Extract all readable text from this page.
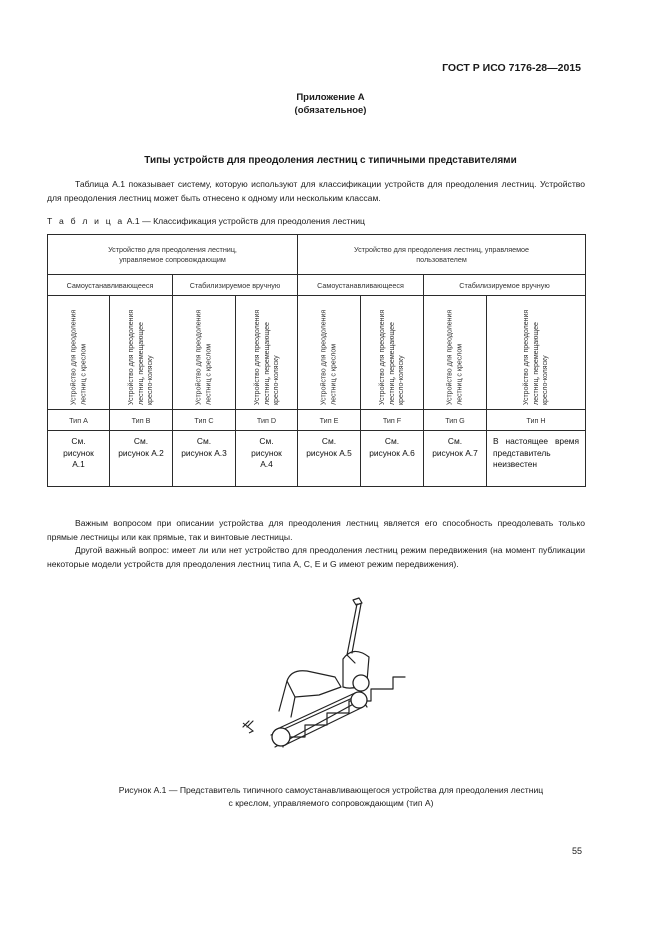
ГОСТ Р ИСО 7176-28—2015
Приложение А
(обязательное)
Типы устройств для преодоления лестниц с типичными представителями
Таблица А.1 показывает систему, которую используют для классификации устройств для преодоления лестниц. Устройство для преодоления лестниц может быть отнесено к одному или нескольким классам.
Т а б л и ц а А.1 — Классификация устройств для преодоления лестниц
Устройство для преодоления лестниц, управляемое сопровождающим				Устройство для преодоления лестниц, управляемое пользователем			
Самоустанавливающееся		Стабилизируемое вручную		Самоустанавливающееся		Стабилизируемое вручную	

Устройство для преодоления лестниц с креслом	Устройство для преодоления лестниц, перемещающее кресло-коляску	Устройство для преодоления лестниц с креслом	Устройство для преодоления лестниц, перемещающее кресло-коляску	Устройство для преодоления лестниц с креслом	Устройство для преодоления лестниц, перемещающее кресло-коляску	Устройство для преодоления лестниц с креслом	Устройство для преодоления лестниц, перемещающее кресло-коляску

Тип А	Тип В	Тип С	Тип D	Тип Е	Тип F	Тип G	Тип Н
См. рисунок А.1	См. рисунок А.2	См. рисунок А.3	См. рисунок А.4	См. рисунок А.5	См. рисунок А.6	См. рисунок А.7	В настоящее время представитель неизвестен
Важным вопросом при описании устройства для преодоления лестниц является его способность преодолевать только прямые лестницы или как прямые, так и винтовые лестницы.
Другой важный вопрос: имеет ли или нет устройство для преодоления лестниц режим передвижения (на момент публикации некоторые модели устройств для преодоления лестниц типа А, С, Е и G имеют режим передвижения).
Рисунок А.1 — Представитель типичного самоустанавливающегося устройства для преодоления лестниц
с креслом, управляемого сопровождающим (тип А)
55
